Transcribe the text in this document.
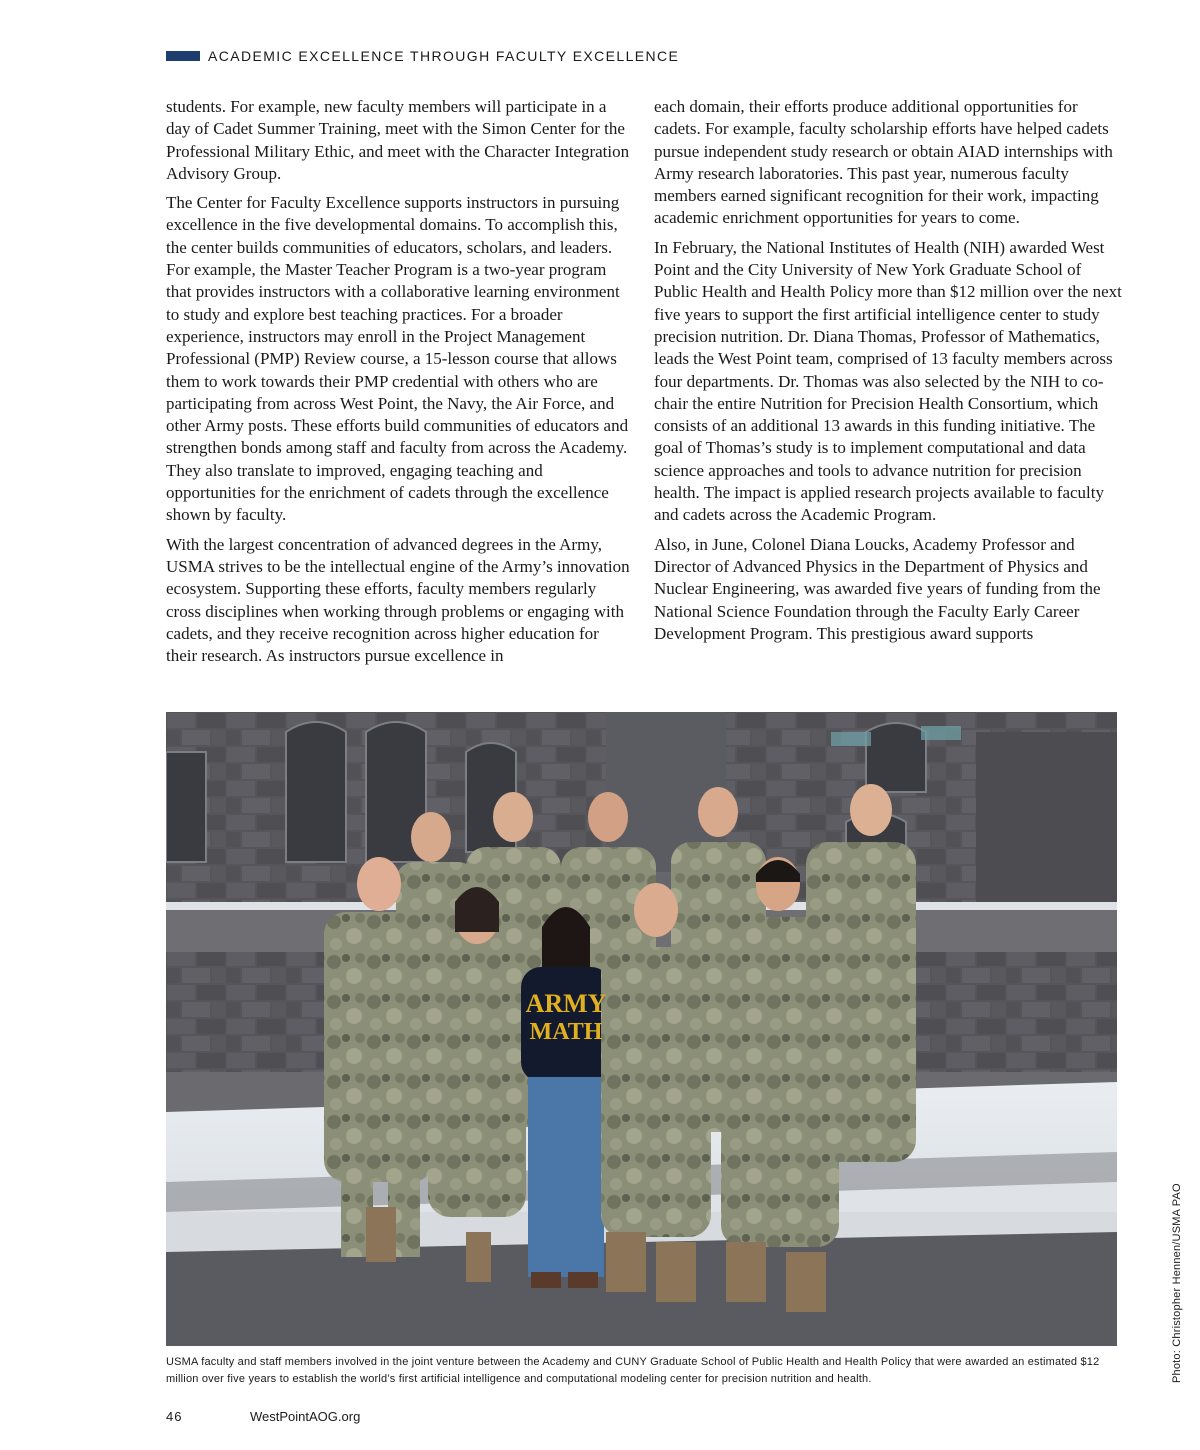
ACADEMIC EXCELLENCE THROUGH FACULTY EXCELLENCE

students. For example, new faculty members will participate in a day of Cadet Summer Training, meet with the Simon Center for the Professional Military Ethic, and meet with the Character Integration Advisory Group.

The Center for Faculty Excellence supports instructors in pursuing excellence in the five developmental domains. To accomplish this, the center builds communities of educators, scholars, and leaders. For example, the Master Teacher Program is a two-year program that provides instructors with a collaborative learning environment to study and explore best teaching practices. For a broader experience, instructors may enroll in the Project Management Professional (PMP) Review course, a 15-lesson course that allows them to work towards their PMP credential with others who are participating from across West Point, the Navy, the Air Force, and other Army posts. These efforts build communities of educators and strengthen bonds among staff and faculty from across the Academy. They also translate to improved, engaging teaching and opportunities for the enrichment of cadets through the excellence shown by faculty.

With the largest concentration of advanced degrees in the Army, USMA strives to be the intellectual engine of the Army’s innovation ecosystem. Supporting these efforts, faculty members regularly cross disciplines when working through problems or engaging with cadets, and they receive recognition across higher education for their research. As instructors pursue excellence in

each domain, their efforts produce additional opportunities for cadets. For example, faculty scholarship efforts have helped cadets pursue independent study research or obtain AIAD internships with Army research laboratories. This past year, numerous faculty members earned significant recognition for their work, impacting academic enrichment opportunities for years to come.

In February, the National Institutes of Health (NIH) awarded West Point and the City University of New York Graduate School of Public Health and Health Policy more than $12 million over the next five years to support the first artificial intelligence center to study precision nutrition. Dr. Diana Thomas, Professor of Mathematics, leads the West Point team, comprised of 13 faculty members across four departments. Dr. Thomas was also selected by the NIH to co-chair the entire Nutrition for Precision Health Consortium, which consists of an additional 13 awards in this funding initiative. The goal of Thomas’s study is to implement computational and data science approaches and tools to advance nutrition for precision health. The impact is applied research projects available to faculty and cadets across the Academic Program.

Also, in June, Colonel Diana Loucks, Academy Professor and Director of Advanced Physics in the Department of Physics and Nuclear Engineering, was awarded five years of funding from the National Science Foundation through the Faculty Early Career Development Program. This prestigious award supports

ARMY
MATH
USMA faculty and staff members involved in the joint venture between the Academy and CUNY Graduate School of Public Health and Health Policy that were awarded an estimated $12 million over five years to establish the world’s first artificial intelligence and computational modeling center for precision nutrition and health.	Photo: Christopher Hennen/USMA PAO
46	WestPointAOG.org
